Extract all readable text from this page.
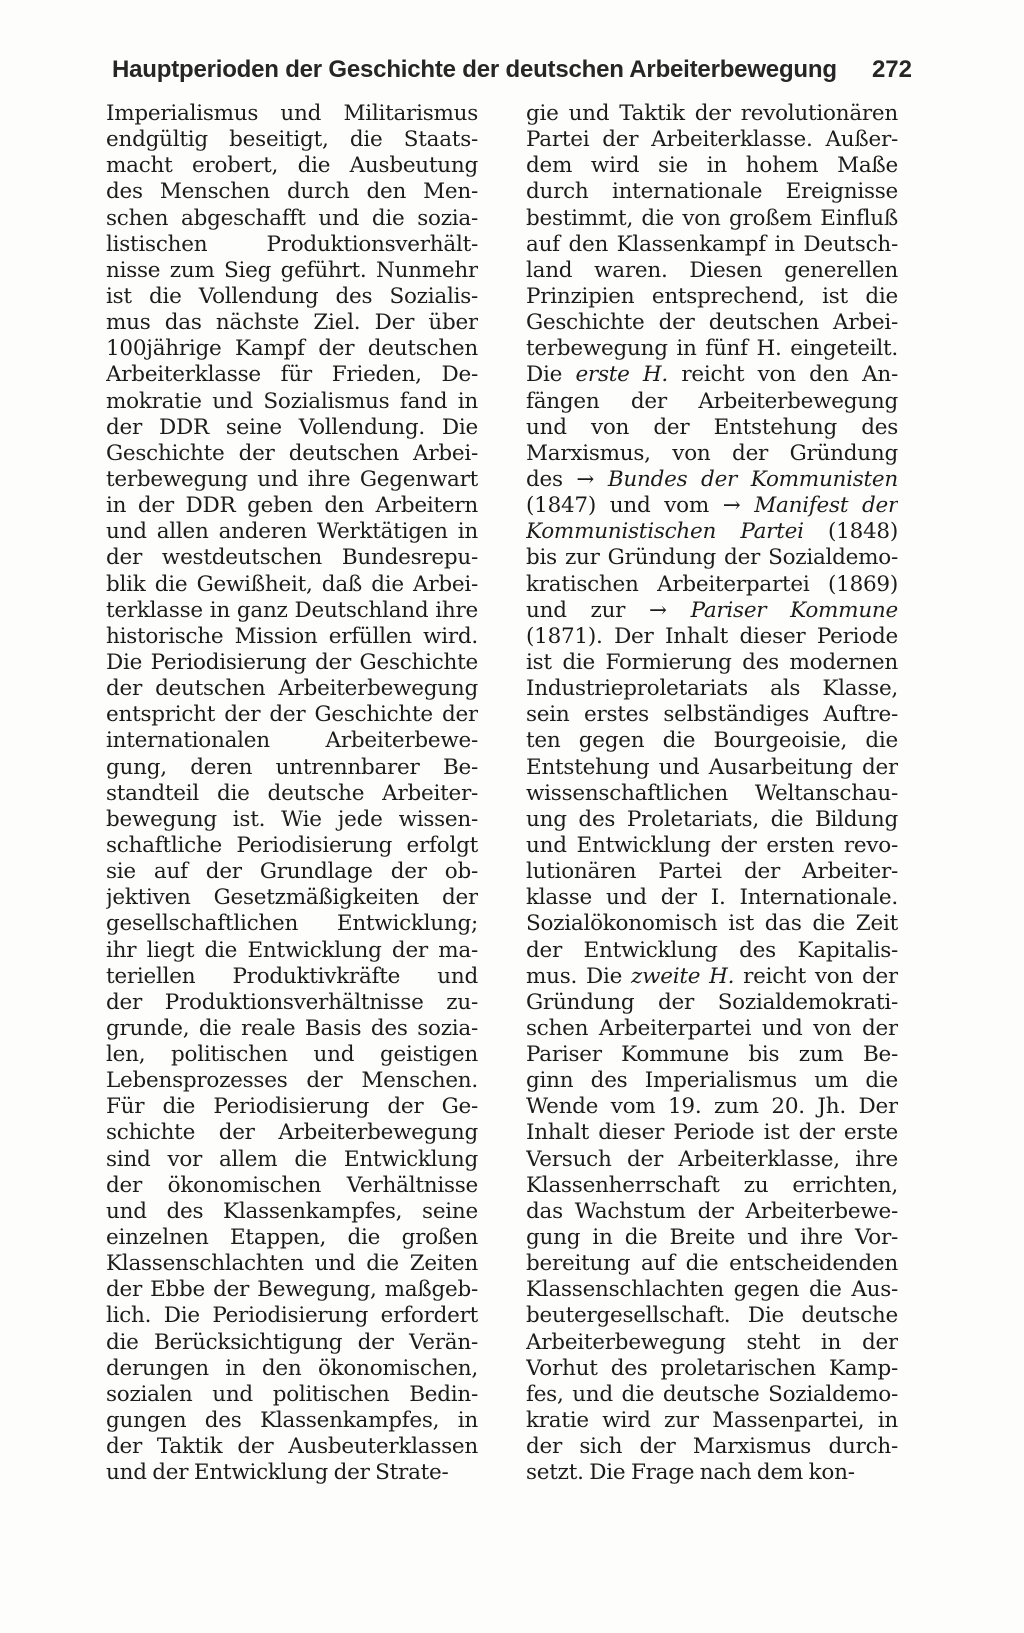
Hauptperioden der Geschichte der deutschen Arbeiterbewegung 272
Imperialismus und Militarismus
endgültig beseitigt, die Staats-
macht erobert, die Ausbeutung
des Menschen durch den Men-
schen abgeschafft und die sozia-
listischen Produktionsverhält-
nisse zum Sieg geführt. Nunmehr
ist die Vollendung des Sozialis-
mus das nächste Ziel. Der über
100jährige Kampf der deutschen
Arbeiterklasse für Frieden, De-
mokratie und Sozialismus fand in
der DDR seine Vollendung. Die
Geschichte der deutschen Arbei-
terbewegung und ihre Gegenwart
in der DDR geben den Arbeitern
und allen anderen Werktätigen in
der westdeutschen Bundesrepu-
blik die Gewißheit, daß die Arbei-
terklasse in ganz Deutschland ihre
historische Mission erfüllen wird.
Die Periodisierung der Geschichte
der deutschen Arbeiterbewegung
entspricht der der Geschichte der
internationalen Arbeiterbewe-
gung, deren untrennbarer Be-
standteil die deutsche Arbeiter-
bewegung ist. Wie jede wissen-
schaftliche Periodisierung erfolgt
sie auf der Grundlage der ob-
jektiven Gesetzmäßigkeiten der
gesellschaftlichen Entwicklung;
ihr liegt die Entwicklung der ma-
teriellen Produktivkräfte und
der Produktionsverhältnisse zu-
grunde, die reale Basis des sozia-
len, politischen und geistigen
Lebensprozesses der Menschen.
Für die Periodisierung der Ge-
schichte der Arbeiterbewegung
sind vor allem die Entwicklung
der ökonomischen Verhältnisse
und des Klassenkampfes, seine
einzelnen Etappen, die großen
Klassenschlachten und die Zeiten
der Ebbe der Bewegung, maßgeb-
lich. Die Periodisierung erfordert
die Berücksichtigung der Verän-
derungen in den ökonomischen,
sozialen und politischen Bedin-
gungen des Klassenkampfes, in
der Taktik der Ausbeuterklassen
und der Entwicklung der Strate-
gie und Taktik der revolutionären
Partei der Arbeiterklasse. Außer-
dem wird sie in hohem Maße
durch internationale Ereignisse
bestimmt, die von großem Einfluß
auf den Klassenkampf in Deutsch-
land waren. Diesen generellen
Prinzipien entsprechend, ist die
Geschichte der deutschen Arbei-
terbewegung in fünf H. eingeteilt.
Die erste H. reicht von den An-
fängen der Arbeiterbewegung
und von der Entstehung des
Marxismus, von der Gründung
des → Bundes der Kommunisten
(1847) und vom → Manifest der
Kommunistischen Partei (1848)
bis zur Gründung der Sozialdemo-
kratischen Arbeiterpartei (1869)
und zur → Pariser Kommune
(1871). Der Inhalt dieser Periode
ist die Formierung des modernen
Industrieproletariats als Klasse,
sein erstes selbständiges Auftre-
ten gegen die Bourgeoisie, die
Entstehung und Ausarbeitung der
wissenschaftlichen Weltanschau-
ung des Proletariats, die Bildung
und Entwicklung der ersten revo-
lutionären Partei der Arbeiter-
klasse und der I. Internationale.
Sozialökonomisch ist das die Zeit
der Entwicklung des Kapitalis-
mus. Die zweite H. reicht von der
Gründung der Sozialdemokrati-
schen Arbeiterpartei und von der
Pariser Kommune bis zum Be-
ginn des Imperialismus um die
Wende vom 19. zum 20. Jh. Der
Inhalt dieser Periode ist der erste
Versuch der Arbeiterklasse, ihre
Klassenherrschaft zu errichten,
das Wachstum der Arbeiterbewe-
gung in die Breite und ihre Vor-
bereitung auf die entscheidenden
Klassenschlachten gegen die Aus-
beutergesellschaft. Die deutsche
Arbeiterbewegung steht in der
Vorhut des proletarischen Kamp-
fes, und die deutsche Sozialdemo-
kratie wird zur Massenpartei, in
der sich der Marxismus durch-
setzt. Die Frage nach dem kon-
